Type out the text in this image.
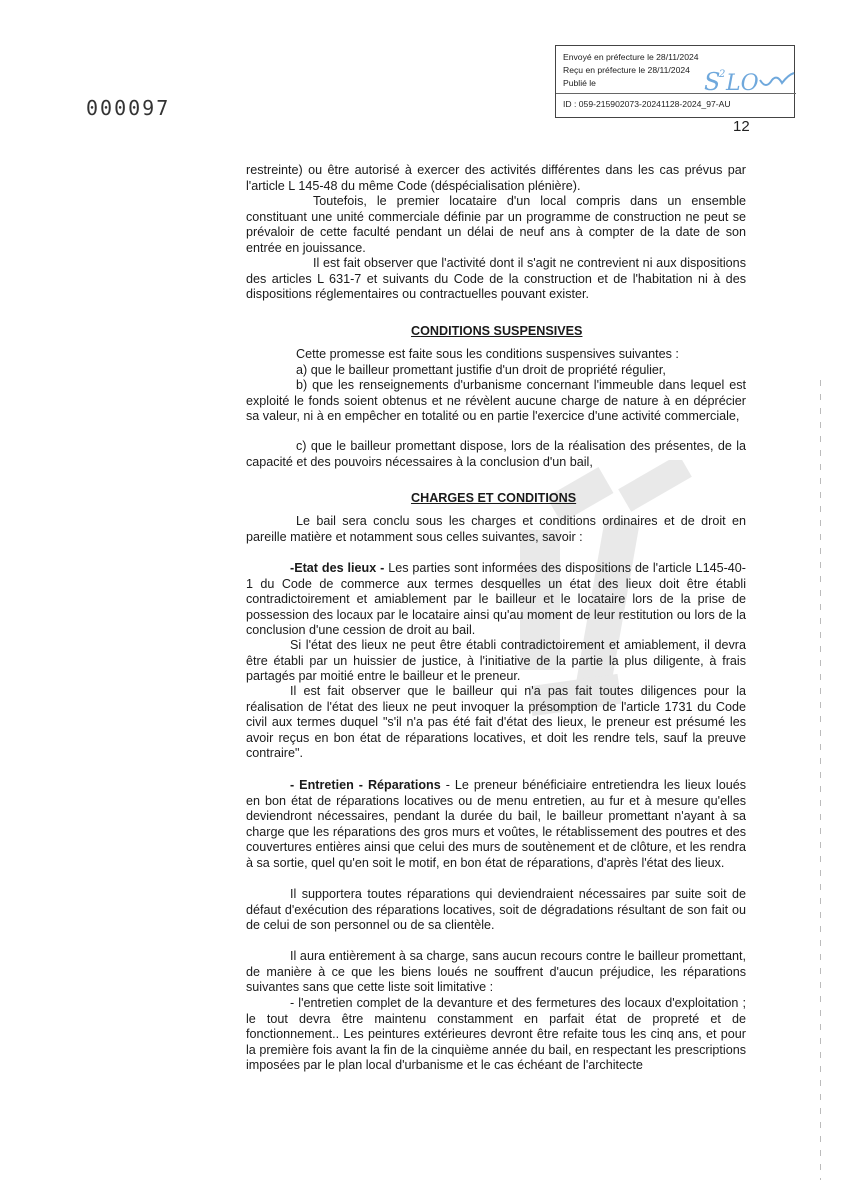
Envoyé en préfecture le 28/11/2024
Reçu en préfecture le 28/11/2024
Publié le
ID : 059-215902073-20241128-2024_97-AU
S
2 LO
000097
12
restreinte) ou être autorisé à exercer des activités différentes dans les cas prévus par l'article L 145-48 du même Code (déspécialisation plénière).
Toutefois, le premier locataire d'un local compris dans un ensemble constituant une unité commerciale définie par un programme de construction ne peut se prévaloir de cette faculté pendant un délai de neuf ans à compter de la date de son entrée en jouissance.
Il est fait observer que l'activité dont il s'agit ne contrevient ni aux dispositions des articles L 631-7 et suivants du Code de la construction et de l'habitation ni à des dispositions réglementaires ou contractuelles pouvant exister.
CONDITIONS SUSPENSIVES
Cette promesse est faite sous les conditions suspensives suivantes :
a) que le bailleur promettant justifie d'un droit de propriété régulier,
b) que les renseignements d'urbanisme concernant l'immeuble dans lequel est exploité le fonds soient obtenus et ne révèlent aucune charge de nature à en déprécier sa valeur, ni à en empêcher en totalité ou en partie l'exercice d'une activité commerciale,
c) que le bailleur promettant dispose, lors de la réalisation des présentes, de la capacité et des pouvoirs nécessaires à la conclusion d'un bail,
CHARGES ET CONDITIONS
Le bail sera conclu sous les charges et conditions ordinaires et de droit en pareille matière et notamment sous celles suivantes, savoir :
-Etat des lieux - Les parties sont informées des dispositions de l'article L145-40-1 du Code de commerce aux termes desquelles un état des lieux doit être établi contradictoirement et amiablement par le bailleur et le locataire lors de la prise de possession des locaux par le locataire ainsi qu'au moment de leur restitution ou lors de la conclusion d'une cession de droit au bail.
Si l'état des lieux ne peut être établi contradictoirement et amiablement, il devra être établi par un huissier de justice, à l'initiative de la partie la plus diligente, à frais partagés par moitié entre le bailleur et le preneur.
Il est fait observer que le bailleur qui n'a pas fait toutes diligences pour la réalisation de l'état des lieux ne peut invoquer la présomption de l'article 1731 du Code civil aux termes duquel "s'il n'a pas été fait d'état des lieux, le preneur est présumé les avoir reçus en bon état de réparations locatives, et doit les rendre tels, sauf la preuve contraire".
- Entretien - Réparations - Le preneur bénéficiaire entretiendra les lieux loués en bon état de réparations locatives ou de menu entretien, au fur et à mesure qu'elles deviendront nécessaires, pendant la durée du bail, le bailleur promettant n'ayant à sa charge que les réparations des gros murs et voûtes, le rétablissement des poutres et des couvertures entières ainsi que celui des murs de soutènement et de clôture, et les rendra à sa sortie, quel qu'en soit le motif, en bon état de réparations, d'après l'état des lieux.
Il supportera toutes réparations qui deviendraient nécessaires par suite soit de défaut d'exécution des réparations locatives, soit de dégradations résultant de son fait ou de celui de son personnel ou de sa clientèle.
Il aura entièrement à sa charge, sans aucun recours contre le bailleur promettant, de manière à ce que les biens loués ne souffrent d'aucun préjudice, les réparations suivantes sans que cette liste soit limitative :
- l'entretien complet de la devanture et des fermetures des locaux d'exploitation ; le tout devra être maintenu constamment en parfait état de propreté et de fonctionnement.. Les peintures extérieures devront être refaite tous les cinq ans, et pour la première fois avant la fin de la cinquième année du bail, en respectant les prescriptions imposées par le plan local d'urbanisme et le cas échéant de l'architecte
